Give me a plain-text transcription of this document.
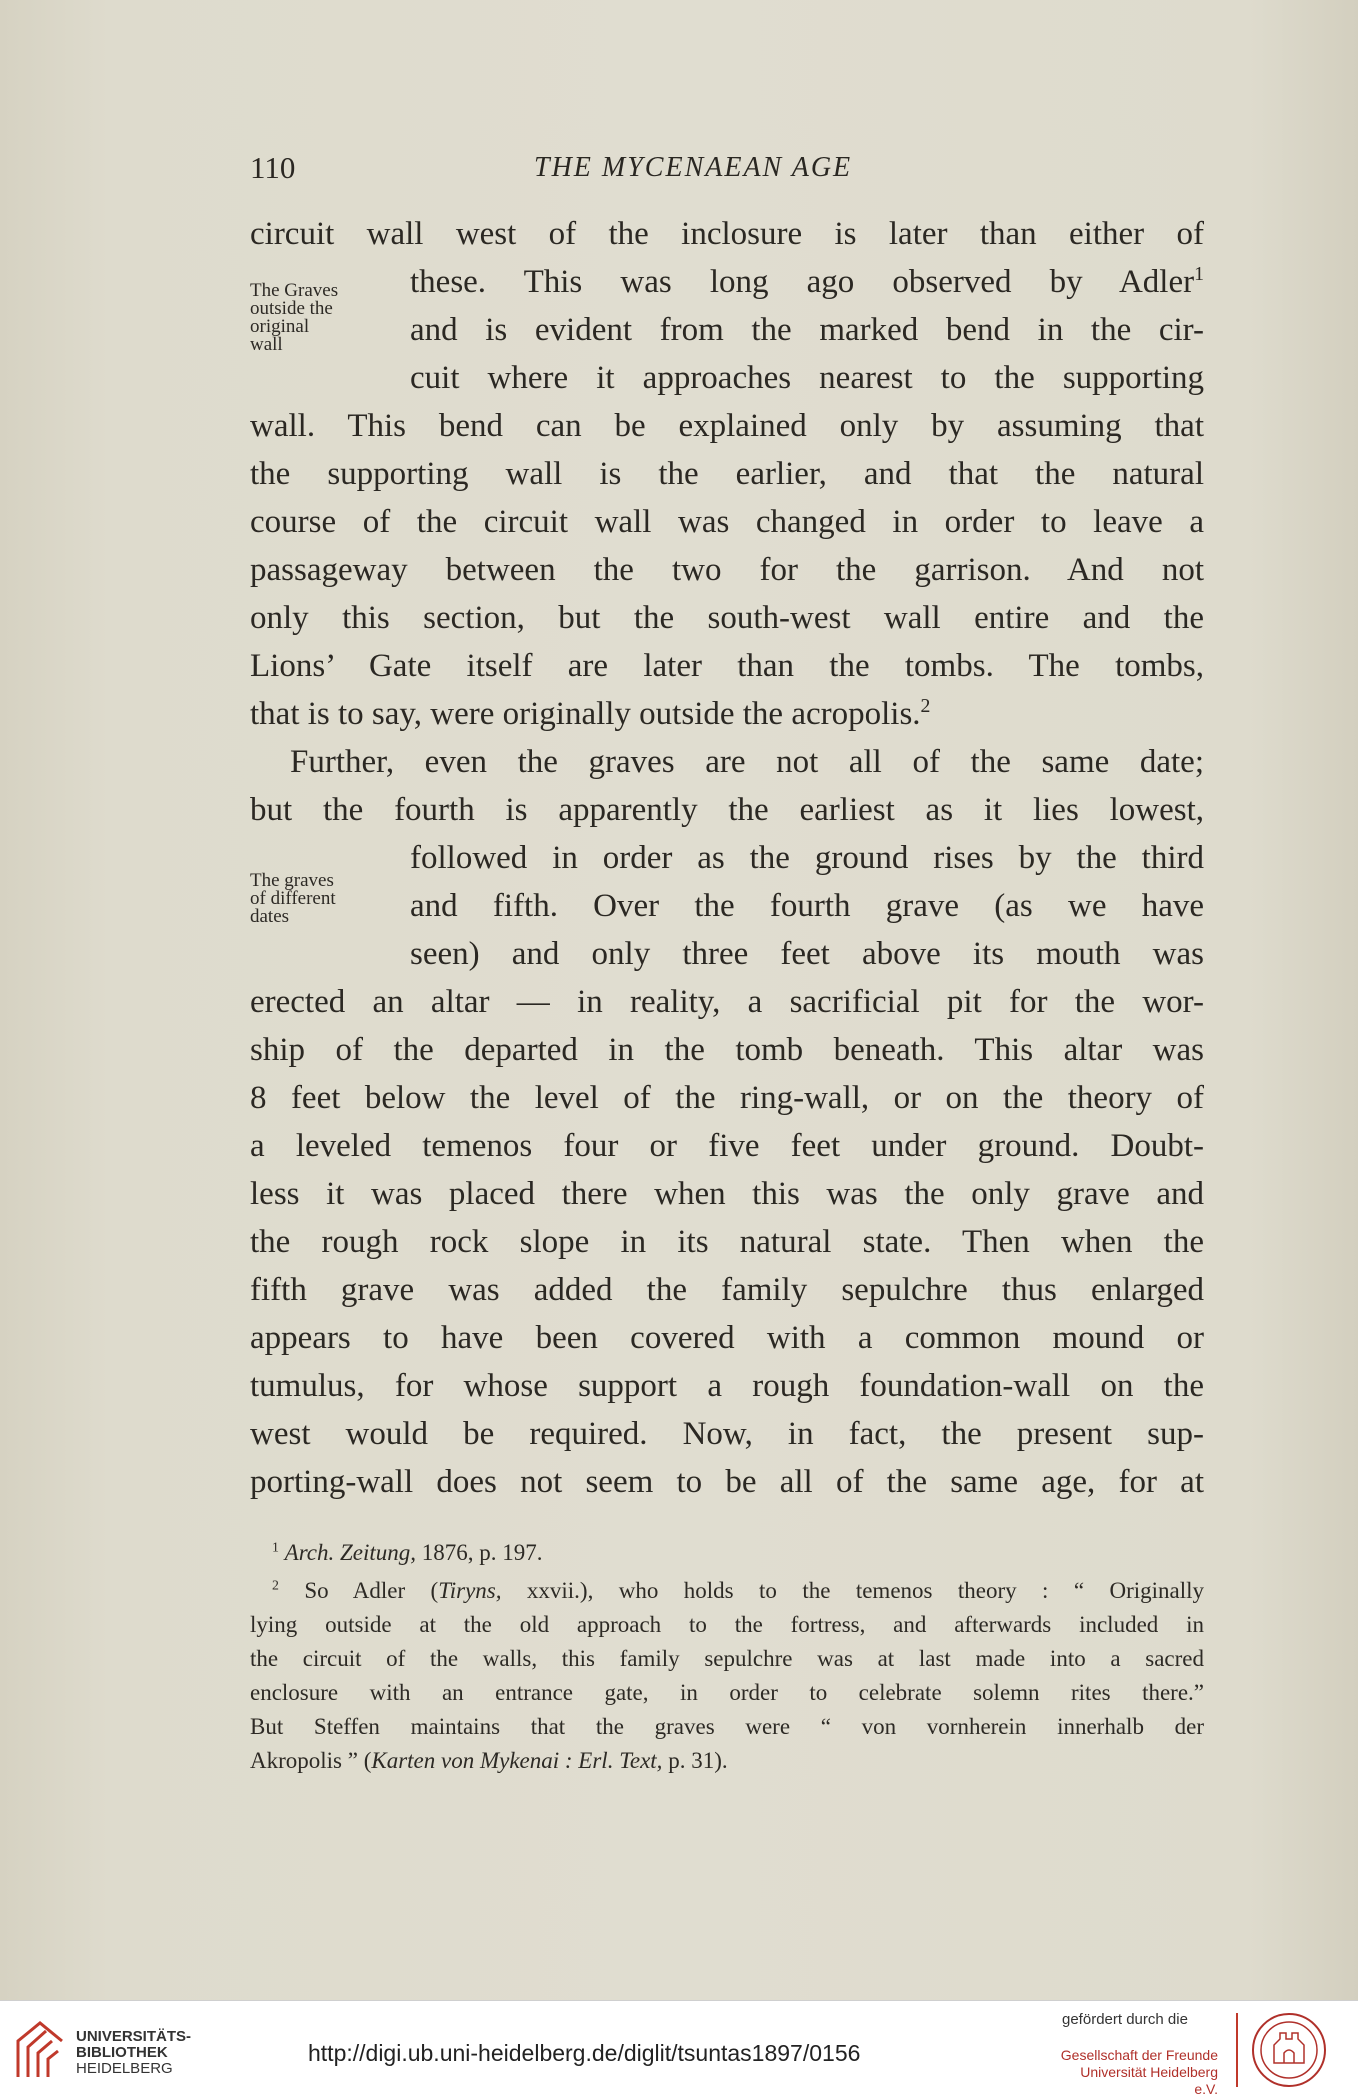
110	THE MYCENAEAN AGE
circuit wall west of the inclosure is later than either of
these. This was long ago observed by Adler$^1$
and is evident from the marked bend in the cir-
cuit where it approaches nearest to the supporting
wall. This bend can be explained only by assuming that
the supporting wall is the earlier, and that the natural
course of the circuit wall was changed in order to leave a
passageway between the two for the garrison. And not
only this section, but the south-west wall entire and the
Lions’ Gate itself are later than the tombs. The tombs,
that is to say, were originally outside the acropolis.$^2$
Further, even the graves are not all of the same date;
but the fourth is apparently the earliest as it lies lowest,
followed in order as the ground rises by the third
and fifth. Over the fourth grave (as we have
seen) and only three feet above its mouth was
erected an altar — in reality, a sacrificial pit for the wor-
ship of the departed in the tomb beneath. This altar was
8 feet below the level of the ring-wall, or on the theory of
a leveled temenos four or five feet under ground. Doubt-
less it was placed there when this was the only grave and
the rough rock slope in its natural state. Then when the
fifth grave was added the family sepulchre thus enlarged
appears to have been covered with a common mound or
tumulus, for whose support a rough foundation-wall on the
west would be required. Now, in fact, the present sup-
porting-wall does not seem to be all of the same age, for at
The Graves
outside the
original
wall
The graves
of different
dates
$^1$ Arch. Zeitung, 1876, p. 197.
$^2$ So Adler (Tiryns, xxvii.), who holds to the temenos theory : “ Originally
lying outside at the old approach to the fortress, and afterwards included in
the circuit of the walls, this family sepulchre was at last made into a sacred
enclosure with an entrance gate, in order to celebrate solemn rites there.”
But Steffen maintains that the graves were “ von vornherein innerhalb der
Akropolis ” (Karten von Mykenai : Erl. Text, p. 31).
UNIVERSITÄTS-
BIBLIOTHEK
HEIDELBERG
http://digi.ub.uni-heidelberg.de/diglit/tsuntas1897/0156
gefördert durch die
Gesellschaft der Freunde
Universität Heidelberg e.V.
